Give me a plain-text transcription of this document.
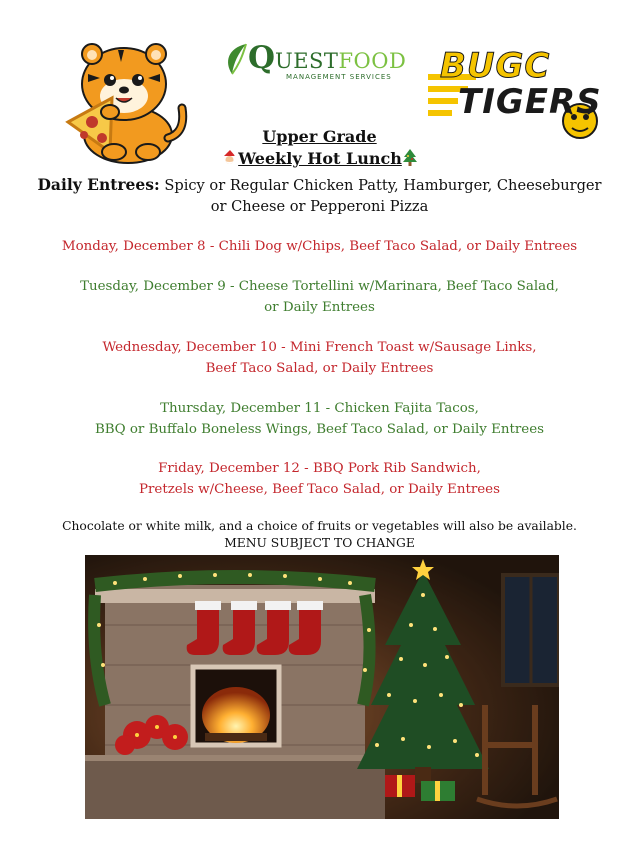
QUESTFOOD
MANAGEMENT SERVICES BUGC
TIGERS
Upper Grade
Weekly Hot Lunch
Daily Entrees: Spicy or Regular Chicken Patty, Hamburger, Cheeseburger
or Cheese or Pepperoni Pizza
Monday, December 8 - Chili Dog w/Chips, Beef Taco Salad, or Daily Entrees
Tuesday, December 9 - Cheese Tortellini w/Marinara, Beef Taco Salad,
or Daily Entrees
Wednesday, December 10 - Mini French Toast w/Sausage Links,
Beef Taco Salad, or Daily Entrees
Thursday, December 11 - Chicken Fajita Tacos,
BBQ or Buffalo Boneless Wings, Beef Taco Salad, or Daily Entrees
Friday, December 12 - BBQ Pork Rib Sandwich,
Pretzels w/Cheese, Beef Taco Salad, or Daily Entrees
Chocolate or white milk, and a choice of fruits or vegetables will also be available.
MENU SUBJECT TO CHANGE
